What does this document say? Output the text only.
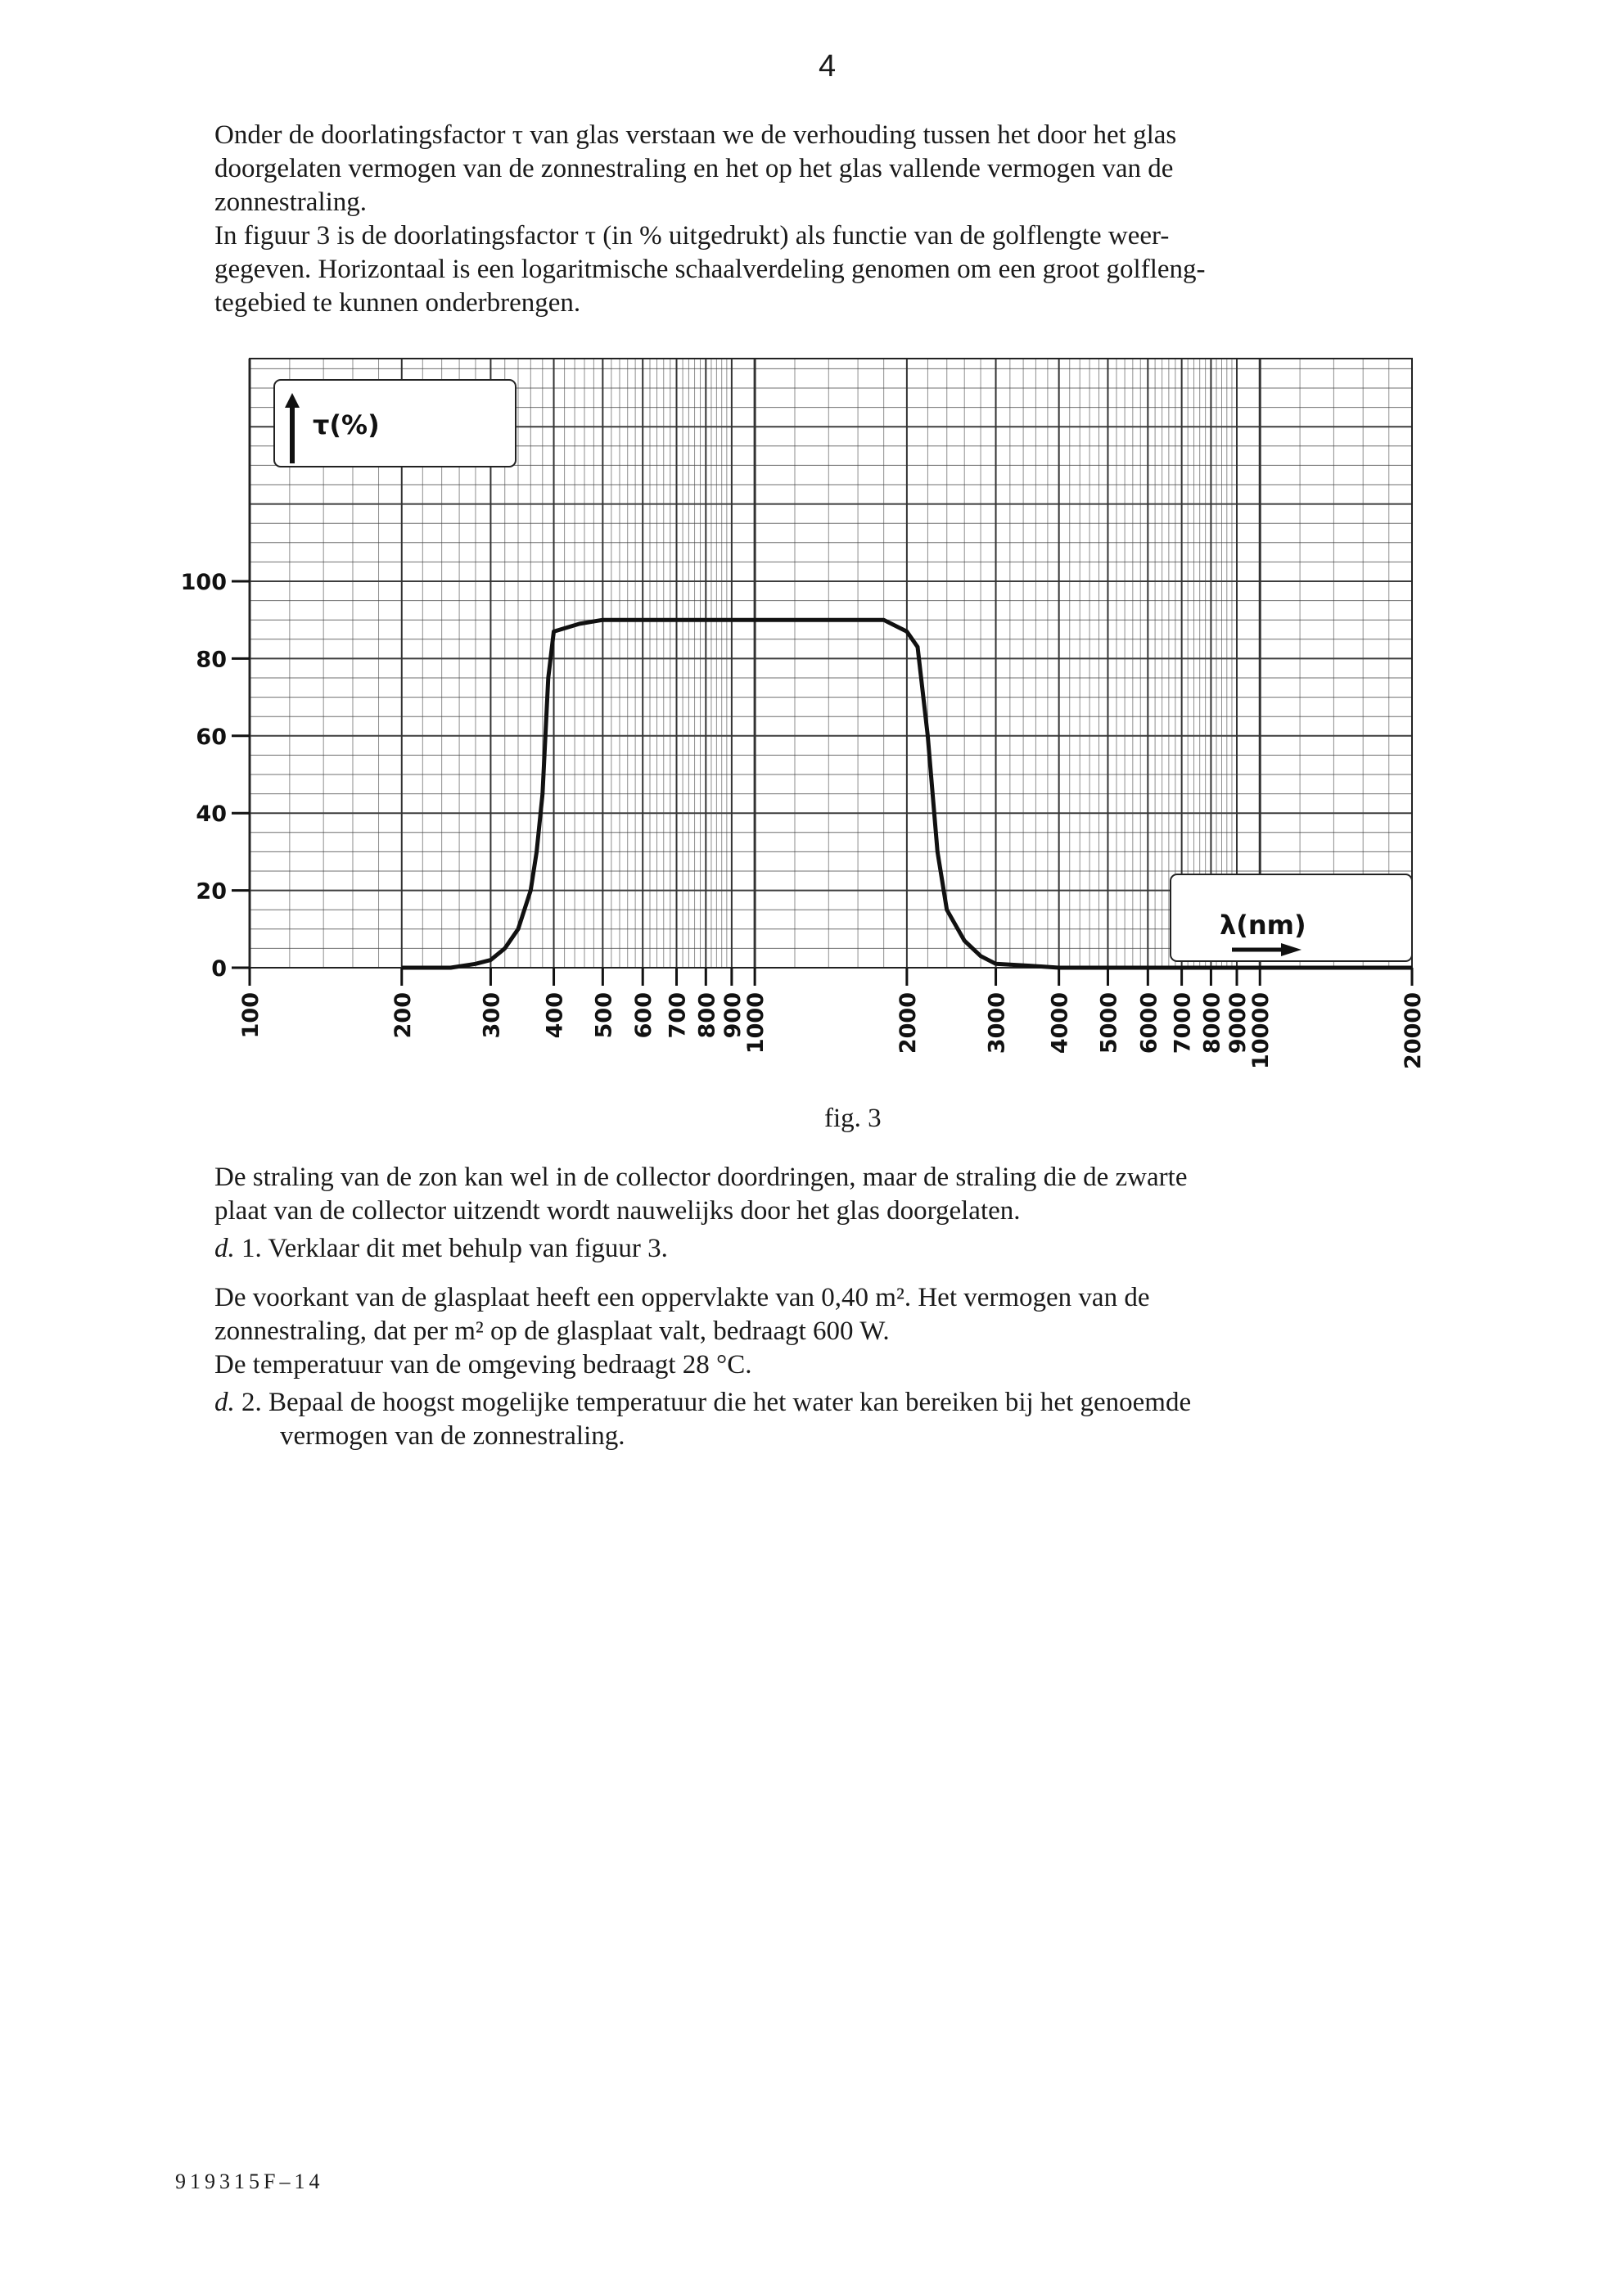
4

Onder de doorlatingsfactor τ van glas verstaan we de verhouding tussen het door het glas
doorgelaten vermogen van de zonnestraling en het op het glas vallende vermogen van de
zonnestraling.
In figuur 3 is de doorlatingsfactor τ (in % uitgedrukt) als functie van de golflengte weer-
gegeven. Horizontaal is een logaritmische schaalverdeling genomen om een groot golfleng-
tegebied te kunnen onderbrengen.

τ(%)
λ(nm)
0
20
40
60
80
100
100	200	300 400 500 600 700 800 900
1000	2000	3000 4000 5000 6000 7000 8000 9000
10000	20000
fig. 3

De straling van de zon kan wel in de collector doordringen, maar de straling die de zwarte
plaat van de collector uitzendt wordt nauwelijks door het glas doorgelaten.

d. 1. Verklaar dit met behulp van figuur 3.

De voorkant van de glasplaat heeft een oppervlakte van 0,40 m². Het vermogen van de
zonnestraling, dat per m² op de glasplaat valt, bedraagt 600 W.
De temperatuur van de omgeving bedraagt 28 °C.

d. 2. Bepaal de hoogst mogelijke temperatuur die het water kan bereiken bij het genoemde
vermogen van de zonnestraling.

919315F–14
